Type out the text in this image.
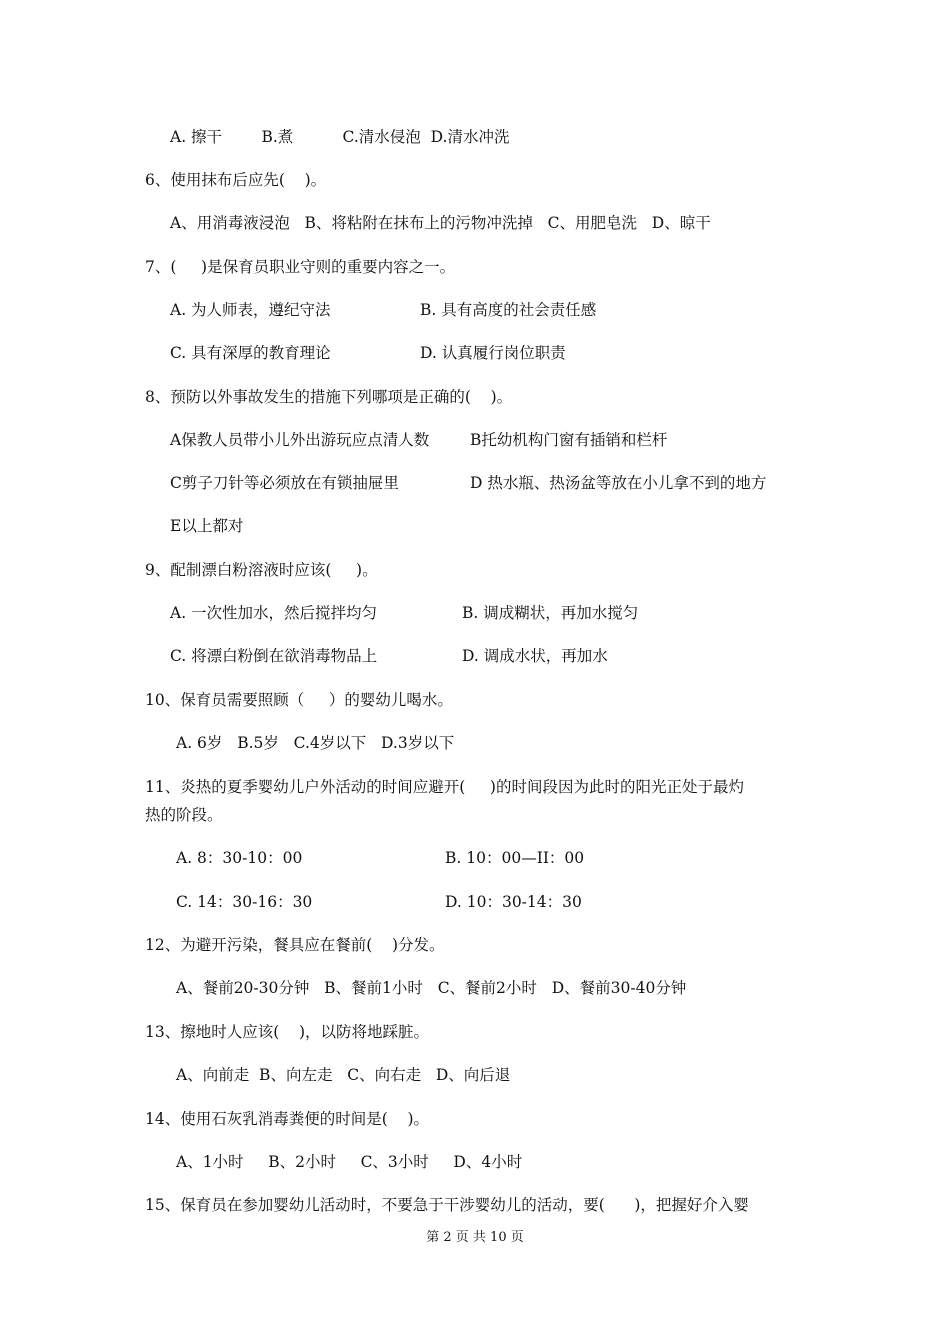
A. 擦干        B.煮          C.清水侵泡  D.清水冲洗
6、使用抹布后应先(    )。
A、用消毒液浸泡   B、将粘附在抹布上的污物冲洗掉   C、用肥皂洗   D、晾干
7、(     )是保育员职业守则的重要内容之一。
A. 为人师表，遵纪守法	B. 具有高度的社会责任感
C. 具有深厚的教育理论	D. 认真履行岗位职责
8、预防以外事故发生的措施下列哪项是正确的(    )。
A保教人员带小儿外出游玩应点清人数	B托幼机构门窗有插销和栏杆
C剪子刀针等必须放在有锁抽屉里	D 热水瓶、热汤盆等放在小儿拿不到的地方
E以上都对
9、配制漂白粉溶液时应该(     )。
A. 一次性加水，然后搅拌均匀	B. 调成糊状，再加水搅匀
C. 将漂白粉倒在欲消毒物品上	D. 调成水状，再加水
10、保育员需要照顾（     ）的婴幼儿喝水。
A. 6岁   B.5岁   C.4岁以下   D.3岁以下
11、炎热的夏季婴幼儿户外活动的时间应避开(     )的时间段因为此时的阳光正处于最灼
热的阶段。
A. 8：30-10：00	B. 10：00—II：00
C. 14：30-16：30	D. 10：30-14：30
12、为避开污染，餐具应在餐前(    )分发。
A、餐前20-30分钟   B、餐前1小时   C、餐前2小时   D、餐前30-40分钟
13、擦地时人应该(    )，以防将地踩脏。
A、向前走  B、向左走   C、向右走   D、向后退
14、使用石灰乳消毒粪便的时间是(    )。
A、1小时     B、2小时     C、3小时     D、4小时
15、保育员在参加婴幼儿活动时，不要急于干涉婴幼儿的活动，要(      )，把握好介入婴
第 2 页 共 10 页
